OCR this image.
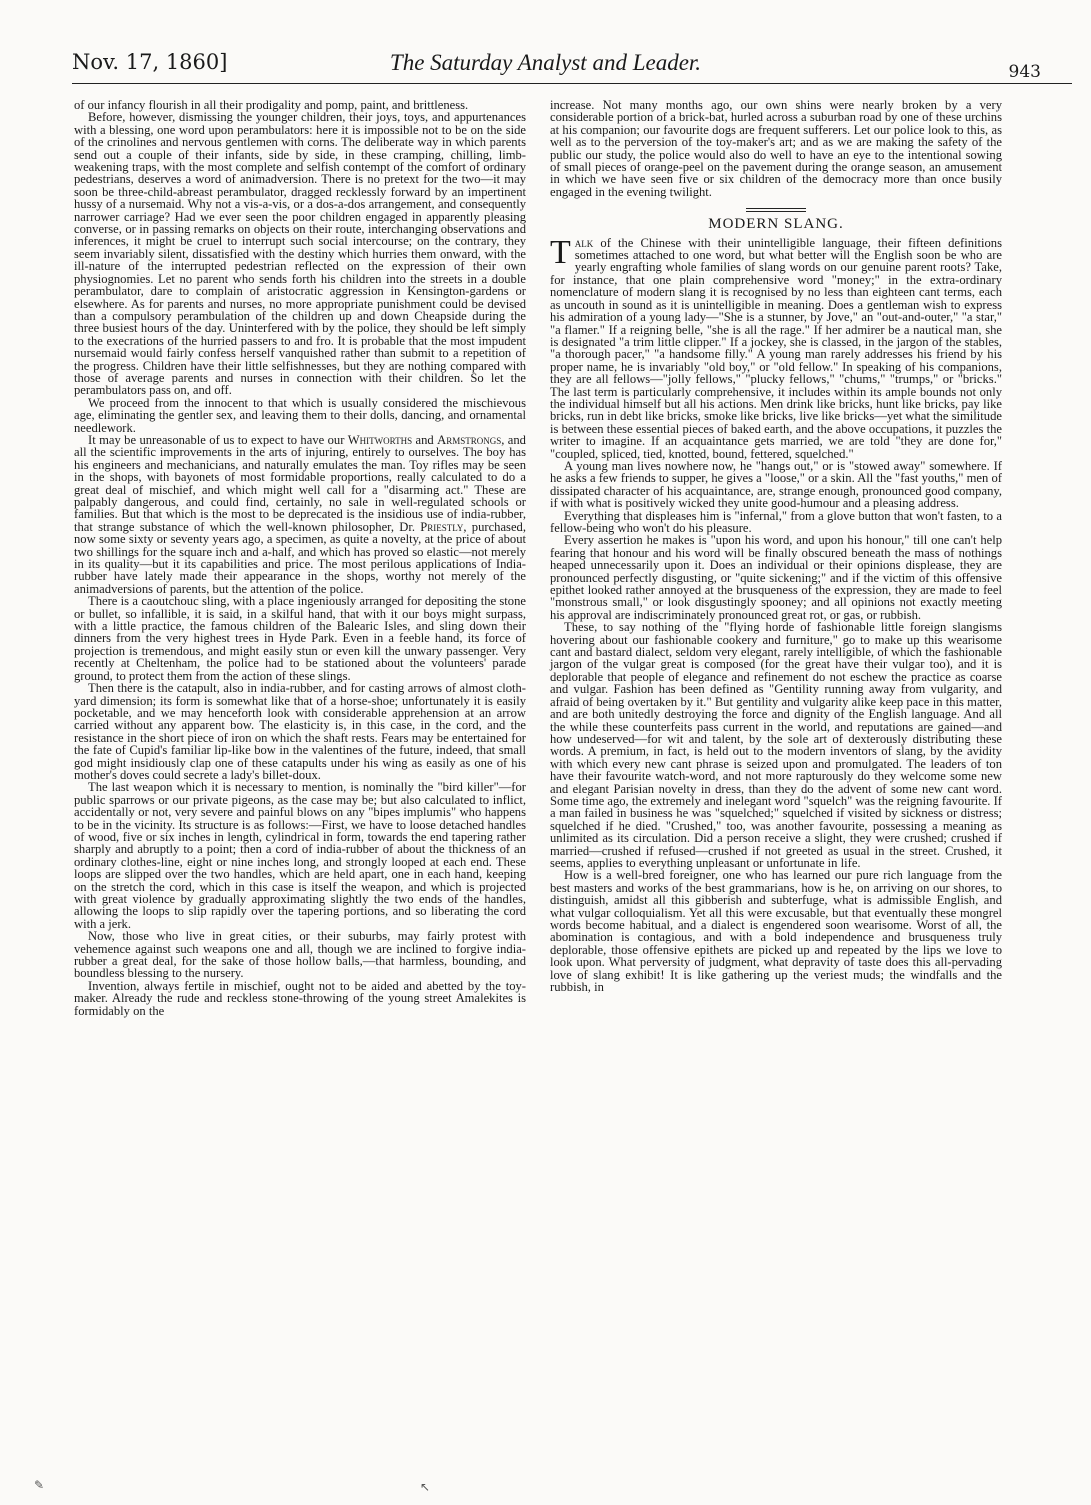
Nov. 17, 1860]	The Saturday Analyst and Leader.	943

of our infancy flourish in all their prodigality and pomp, paint, and brittleness.

Before, however, dismissing the younger children, their joys, toys, and appurtenances with a blessing, one word upon perambulators: here it is impossible not to be on the side of the crinolines and nervous gentlemen with corns. The deliberate way in which parents send out a couple of their infants, side by side, in these cramping, chilling, limb-weakening traps, with the most complete and selfish contempt of the comfort of ordinary pedestrians, deserves a word of animadversion. There is no pretext for the two—it may soon be three-child-abreast perambulator, dragged recklessly forward by an impertinent hussy of a nursemaid. Why not a vis-a-vis, or a dos-a-dos arrangement, and consequently narrower carriage? Had we ever seen the poor children engaged in apparently pleasing converse, or in passing remarks on objects on their route, interchanging observations and inferences, it might be cruel to interrupt such social intercourse; on the contrary, they seem invariably silent, dissatisfied with the destiny which hurries them onward, with the ill-nature of the interrupted pedestrian reflected on the expression of their own physiognomies. Let no parent who sends forth his children into the streets in a double perambulator, dare to complain of aristocratic aggression in Kensington-gardens or elsewhere. As for parents and nurses, no more appropriate punishment could be devised than a compulsory perambulation of the children up and down Cheapside during the three busiest hours of the day. Uninterfered with by the police, they should be left simply to the execrations of the hurried passers to and fro. It is probable that the most impudent nursemaid would fairly confess herself vanquished rather than submit to a repetition of the progress. Children have their little selfishnesses, but they are nothing compared with those of average parents and nurses in connection with their children. So let the perambulators pass on, and off.

We proceed from the innocent to that which is usually considered the mischievous age, eliminating the gentler sex, and leaving them to their dolls, dancing, and ornamental needlework.

It may be unreasonable of us to expect to have our Whitworths and Armstrongs, and all the scientific improvements in the arts of injuring, entirely to ourselves. The boy has his engineers and mechanicians, and naturally emulates the man. Toy rifles may be seen in the shops, with bayonets of most formidable proportions, really calculated to do a great deal of mischief, and which might well call for a "disarming act." These are palpably dangerous, and could find, certainly, no sale in well-regulated schools or families. But that which is the most to be deprecated is the insidious use of india-rubber, that strange substance of which the well-known philosopher, Dr. Priestly, purchased, now some sixty or seventy years ago, a specimen, as quite a novelty, at the price of about two shillings for the square inch and a-half, and which has proved so elastic—not merely in its quality—but it its capabilities and price. The most perilous applications of India-rubber have lately made their appearance in the shops, worthy not merely of the animadversions of parents, but the attention of the police.

There is a caoutchouc sling, with a place ingeniously arranged for depositing the stone or bullet, so infallible, it is said, in a skilful hand, that with it our boys might surpass, with a little practice, the famous children of the Balearic Isles, and sling down their dinners from the very highest trees in Hyde Park. Even in a feeble hand, its force of projection is tremendous, and might easily stun or even kill the unwary passenger. Very recently at Cheltenham, the police had to be stationed about the volunteers' parade ground, to protect them from the action of these slings.

Then there is the catapult, also in india-rubber, and for casting arrows of almost cloth-yard dimension; its form is somewhat like that of a horse-shoe; unfortunately it is easily pocketable, and we may henceforth look with considerable apprehension at an arrow carried without any apparent bow. The elasticity is, in this case, in the cord, and the resistance in the short piece of iron on which the shaft rests. Fears may be entertained for the fate of Cupid's familiar lip-like bow in the valentines of the future, indeed, that small god might insidiously clap one of these catapults under his wing as easily as one of his mother's doves could secrete a lady's billet-doux.

The last weapon which it is necessary to mention, is nominally the "bird killer"—for public sparrows or our private pigeons, as the case may be; but also calculated to inflict, accidentally or not, very severe and painful blows on any "bipes implumis" who happens to be in the vicinity. Its structure is as follows:—First, we have to loose detached handles of wood, five or six inches in length, cylindrical in form, towards the end tapering rather sharply and abruptly to a point; then a cord of india-rubber of about the thickness of an ordinary clothes-line, eight or nine inches long, and strongly looped at each end. These loops are slipped over the two handles, which are held apart, one in each hand, keeping on the stretch the cord, which in this case is itself the weapon, and which is projected with great violence by gradually approximating slightly the two ends of the handles, allowing the loops to slip rapidly over the tapering portions, and so liberating the cord with a jerk.

Now, those who live in great cities, or their suburbs, may fairly protest with vehemence against such weapons one and all, though we are inclined to forgive india-rubber a great deal, for the sake of those hollow balls,—that harmless, bounding, and boundless blessing to the nursery.

Invention, always fertile in mischief, ought not to be aided and abetted by the toy-maker. Already the rude and reckless stone-throwing of the young street Amalekites is formidably on the

increase. Not many months ago, our own shins were nearly broken by a very considerable portion of a brick-bat, hurled across a suburban road by one of these urchins at his companion; our favourite dogs are frequent sufferers. Let our police look to this, as well as to the perversion of the toy-maker's art; and as we are making the safety of the public our study, the police would also do well to have an eye to the intentional sowing of small pieces of orange-peel on the pavement during the orange season, an amusement in which we have seen five or six children of the democracy more than once busily engaged in the evening twilight.

MODERN SLANG.

Talk of the Chinese with their unintelligible language, their fifteen definitions sometimes attached to one word, but what better will the English soon be who are yearly engrafting whole families of slang words on our genuine parent roots? Take, for instance, that one plain comprehensive word "money;" in the extra-ordinary nomenclature of modern slang it is recognised by no less than eighteen cant terms, each as uncouth in sound as it is unintelligible in meaning. Does a gentleman wish to express his admiration of a young lady—"She is a stunner, by Jove," an "out-and-outer," "a star," "a flamer." If a reigning belle, "she is all the rage." If her admirer be a nautical man, she is designated "a trim little clipper." If a jockey, she is classed, in the jargon of the stables, "a thorough pacer," "a handsome filly." A young man rarely addresses his friend by his proper name, he is invariably "old boy," or "old fellow." In speaking of his companions, they are all fellows—"jolly fellows," "plucky fellows," "chums," "trumps," or "bricks." The last term is particularly comprehensive, it includes within its ample bounds not only the individual himself but all his actions. Men drink like bricks, hunt like bricks, pay like bricks, run in debt like bricks, smoke like bricks, live like bricks—yet what the similitude is between these essential pieces of baked earth, and the above occupations, it puzzles the writer to imagine. If an acquaintance gets married, we are told "they are done for," "coupled, spliced, tied, knotted, bound, fettered, squelched."

A young man lives nowhere now, he "hangs out," or is "stowed away" somewhere. If he asks a few friends to supper, he gives a "loose," or a skin. All the "fast youths," men of dissipated character of his acquaintance, are, strange enough, pronounced good company, if with what is positively wicked they unite good-humour and a pleasing address.

Everything that displeases him is "infernal," from a glove button that won't fasten, to a fellow-being who won't do his pleasure.

Every assertion he makes is "upon his word, and upon his honour," till one can't help fearing that honour and his word will be finally obscured beneath the mass of nothings heaped unnecessarily upon it. Does an individual or their opinions displease, they are pronounced perfectly disgusting, or "quite sickening;" and if the victim of this offensive epithet looked rather annoyed at the brusqueness of the expression, they are made to feel "monstrous small," or look disgustingly spooney; and all opinions not exactly meeting his approval are indiscriminately pronounced great rot, or gas, or rubbish.

These, to say nothing of the "flying horde of fashionable little foreign slangisms hovering about our fashionable cookery and furniture," go to make up this wearisome cant and bastard dialect, seldom very elegant, rarely intelligible, of which the fashionable jargon of the vulgar great is composed (for the great have their vulgar too), and it is deplorable that people of elegance and refinement do not eschew the practice as coarse and vulgar. Fashion has been defined as "Gentility running away from vulgarity, and afraid of being overtaken by it." But gentility and vulgarity alike keep pace in this matter, and are both unitedly destroying the force and dignity of the English language. And all the while these counterfeits pass current in the world, and reputations are gained—and how undeserved—for wit and talent, by the sole art of dexterously distributing these words. A premium, in fact, is held out to the modern inventors of slang, by the avidity with which every new cant phrase is seized upon and promulgated. The leaders of ton have their favourite watch-word, and not more rapturously do they welcome some new and elegant Parisian novelty in dress, than they do the advent of some new cant word. Some time ago, the extremely and inelegant word "squelch" was the reigning favourite. If a man failed in business he was "squelched;" squelched if visited by sickness or distress; squelched if he died. "Crushed," too, was another favourite, possessing a meaning as unlimited as its circulation. Did a person receive a slight, they were crushed; crushed if married—crushed if refused—crushed if not greeted as usual in the street. Crushed, it seems, applies to everything unpleasant or unfortunate in life.

How is a well-bred foreigner, one who has learned our pure rich language from the best masters and works of the best grammarians, how is he, on arriving on our shores, to distinguish, amidst all this gibberish and subterfuge, what is admissible English, and what vulgar colloquialism. Yet all this were excusable, but that eventually these mongrel words become habitual, and a dialect is engendered soon wearisome. Worst of all, the abomination is contagious, and with a bold independence and brusqueness truly deplorable, those offensive epithets are picked up and repeated by the lips we love to look upon. What perversity of judgment, what depravity of taste does this all-pervading love of slang exhibit! It is like gathering up the veriest muds; the windfalls and the rubbish, in

✎	↖
